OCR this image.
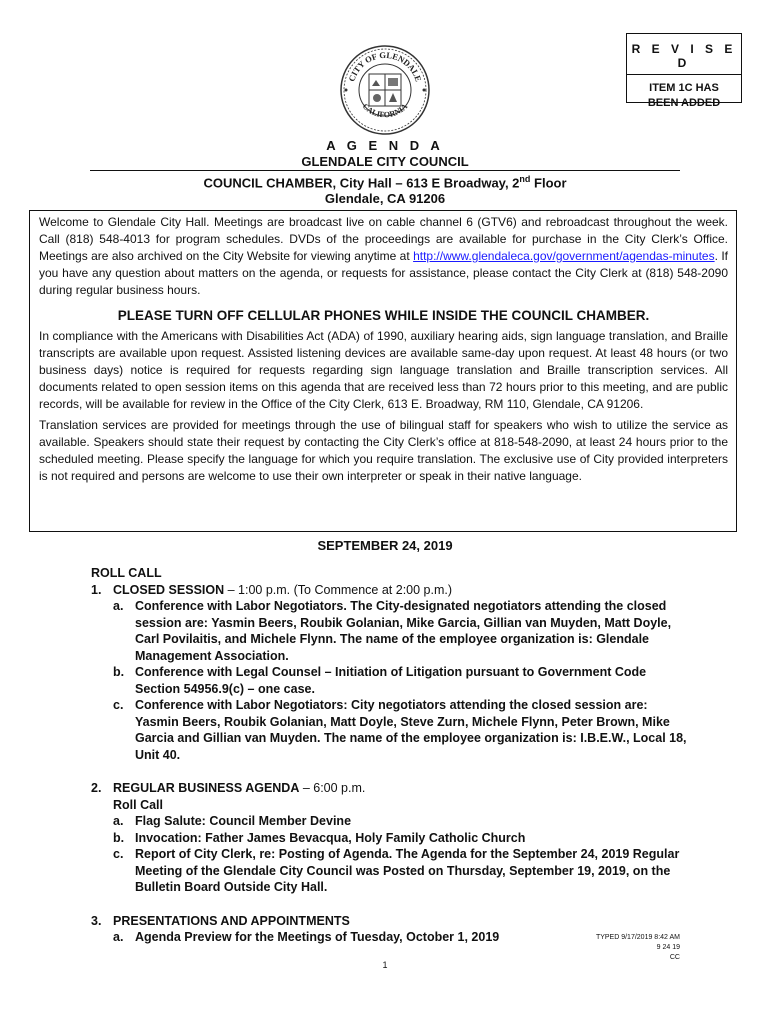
CITY OF GLENDALE
CALIFORNIA
R E V I S E D
ITEM 1C HAS
BEEN ADDED
A G E N D A
GLENDALE CITY COUNCIL
COUNCIL CHAMBER, City Hall – 613 E Broadway, 2nd Floor
Glendale, CA 91206

Welcome to Glendale City Hall. Meetings are broadcast live on cable channel 6 (GTV6) and rebroadcast throughout the week. Call (818) 548-4013 for program schedules. DVDs of the proceedings are available for purchase in the City Clerk’s Office. Meetings are also archived on the City Website for viewing anytime at http://www.glendaleca.gov/government/agendas-minutes. If you have any question about matters on the agenda, or requests for assistance, please contact the City Clerk at (818) 548-2090 during regular business hours.

PLEASE TURN OFF CELLULAR PHONES WHILE INSIDE THE COUNCIL CHAMBER.

In compliance with the Americans with Disabilities Act (ADA) of 1990, auxiliary hearing aids, sign language translation, and Braille transcripts are available upon request. Assisted listening devices are available same-day upon request. At least 48 hours (or two business days) notice is required for requests regarding sign language translation and Braille transcription services. All documents related to open session items on this agenda that are received less than 72 hours prior to this meeting, and are public records, will be available for review in the Office of the City Clerk, 613 E. Broadway, RM 110, Glendale, CA 91206.

Translation services are provided for meetings through the use of bilingual staff for speakers who wish to utilize the service as available. Speakers should state their request by contacting the City Clerk’s office at 818-548-2090, at least 24 hours prior to the scheduled meeting. Please specify the language for which you require translation. The exclusive use of City provided interpreters is not required and persons are welcome to use their own interpreter or speak in their native language.

SEPTEMBER 24, 2019
ROLL CALL
1. CLOSED SESSION – 1:00 p.m. (To Commence at 2:00 p.m.)
a. Conference with Labor Negotiators. The City-designated negotiators attending the closed session are: Yasmin Beers, Roubik Golanian, Mike Garcia, Gillian van Muyden, Matt Doyle, Carl Povilaitis, and Michele Flynn. The name of the employee organization is: Glendale Management Association.
b. Conference with Legal Counsel – Initiation of Litigation pursuant to Government Code Section 54956.9(c) – one case.
c. Conference with Labor Negotiators: City negotiators attending the closed session are: Yasmin Beers, Roubik Golanian, Matt Doyle, Steve Zurn, Michele Flynn, Peter Brown, Mike Garcia and Gillian van Muyden. The name of the employee organization is: I.B.E.W., Local 18, Unit 40.
2. REGULAR BUSINESS AGENDA – 6:00 p.m.
Roll Call
a. Flag Salute: Council Member Devine
b. Invocation: Father James Bevacqua, Holy Family Catholic Church
c. Report of City Clerk, re: Posting of Agenda. The Agenda for the September 24, 2019 Regular Meeting of the Glendale City Council was Posted on Thursday, September 19, 2019, on the Bulletin Board Outside City Hall.
3. PRESENTATIONS AND APPOINTMENTS
a. Agenda Preview for the Meetings of Tuesday, October 1, 2019	TYPED 9/17/2019 8:42 AM
9 24 19
CC
1
